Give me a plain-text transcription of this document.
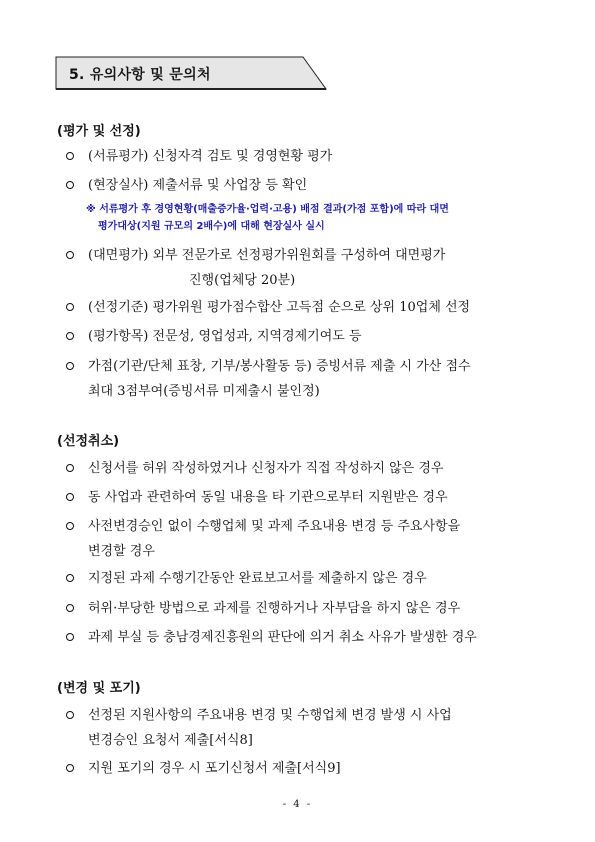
5. 유의사항 및 문의처
(평가 및 선정)
(서류평가) 신청자격 검토 및 경영현황 평가
(현장실사) 제출서류 및 사업장 등 확인
※ 서류평가 후 경영현황(매출증가율·업력·고용) 배점 결과(가점 포함)에 따라 대면
평가대상(지원 규모의 2배수)에 대해 현장실사 실시
(대면평가) 외부 전문가로 선정평가위원회를 구성하여 대면평가
진행(업체당 20분)
(선정기준) 평가위원 평가점수합산 고득점 순으로 상위 10업체 선정
(평가항목) 전문성, 영업성과, 지역경제기여도 등
가점(기관/단체 표창, 기부/봉사활동 등) 증빙서류 제출 시 가산 점수
최대 3점부여(증빙서류 미제출시 불인정)
(선정취소)
신청서를 허위 작성하였거나 신청자가 직접 작성하지 않은 경우
동 사업과 관련하여 동일 내용을 타 기관으로부터 지원받은 경우
사전변경승인 없이 수행업체 및 과제 주요내용 변경 등 주요사항을
변경할 경우
지정된 과제 수행기간동안 완료보고서를 제출하지 않은 경우
허위·부당한 방법으로 과제를 진행하거나 자부담을 하지 않은 경우
과제 부실 등 충남경제진흥원의 판단에 의거 취소 사유가 발생한 경우
(변경 및 포기)
선정된 지원사항의 주요내용 변경 및 수행업체 변경 발생 시 사업
변경승인 요청서 제출[서식8]
지원 포기의 경우 시 포기신청서 제출[서식9]
- 4 -
